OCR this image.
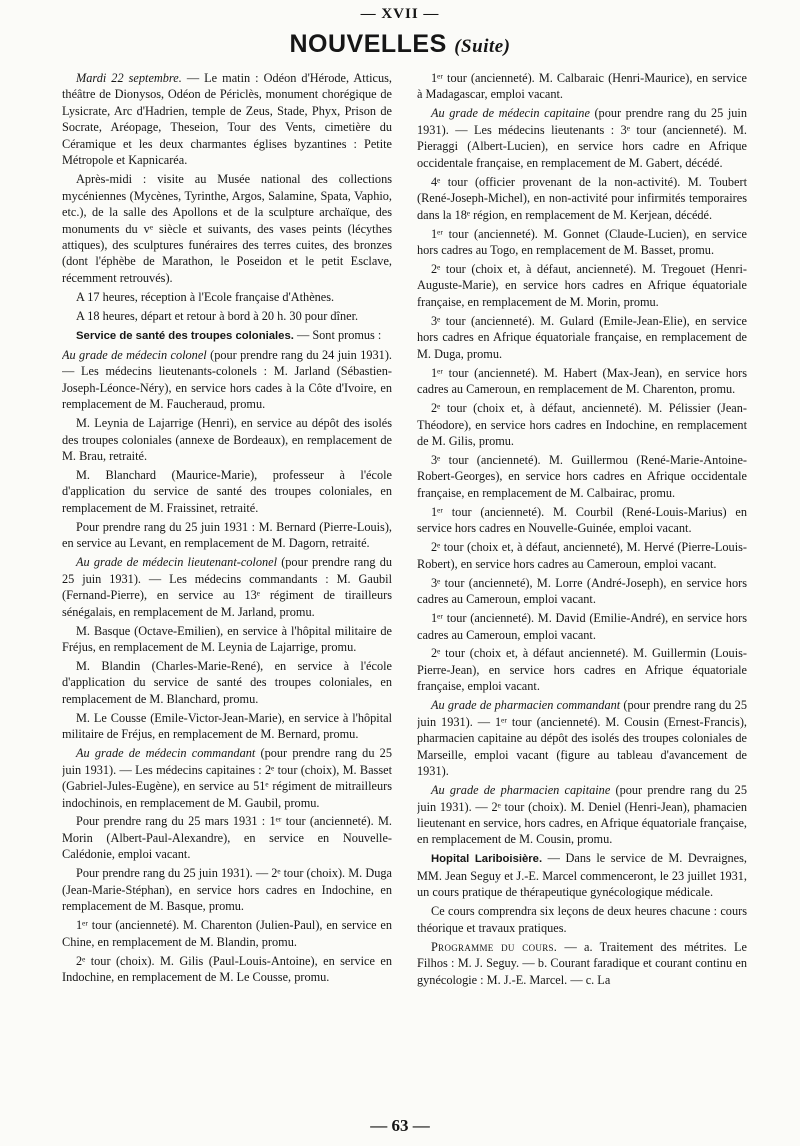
— XVII —
NOUVELLES (Suite)

Mardi 22 septembre. — Le matin : Odéon d'Hérode, Atticus, théâtre de Dionysos, Odéon de Périclès, monument chorégique de Lysicrate, Arc d'Hadrien, temple de Zeus, Stade, Phyx, Prison de Socrate, Aréopage, Theseion, Tour des Vents, cimetière du Céramique et les deux charmantes églises byzantines : Petite Métropole et Kapnicaréa.

Après-midi : visite au Musée national des collections mycéniennes (Mycènes, Tyrinthe, Argos, Salamine, Spata, Vaphio, etc.), de la salle des Apollons et de la sculpture archaïque, des monuments du vᵉ siècle et suivants, des vases peints (lécythes attiques), des sculptures funéraires des terres cuites, des bronzes (dont l'éphèbe de Marathon, le Poseidon et le petit Esclave, récemment retrouvés).

A 17 heures, réception à l'Ecole française d'Athènes.

A 18 heures, départ et retour à bord à 20 h. 30 pour dîner.

Service de santé des troupes coloniales. — Sont promus :

Au grade de médecin colonel (pour prendre rang du 24 juin 1931). — Les médecins lieutenants-colonels : M. Jarland (Sébastien-Joseph-Léonce-Néry), en service hors cades à la Côte d'Ivoire, en remplacement de M. Faucheraud, promu.

M. Leynia de Lajarrige (Henri), en service au dépôt des isolés des troupes coloniales (annexe de Bordeaux), en remplacement de M. Brau, retraité.

M. Blanchard (Maurice-Marie), professeur à l'école d'application du service de santé des troupes coloniales, en remplacement de M. Fraissinet, retraité.

Pour prendre rang du 25 juin 1931 : M. Bernard (Pierre-Louis), en service au Levant, en remplacement de M. Dagorn, retraité.

Au grade de médecin lieutenant-colonel (pour prendre rang du 25 juin 1931). — Les médecins commandants : M. Gaubil (Fernand-Pierre), en service au 13ᵉ régiment de tirailleurs sénégalais, en remplacement de M. Jarland, promu.

M. Basque (Octave-Emilien), en service à l'hôpital militaire de Fréjus, en remplacement de M. Leynia de Lajarrige, promu.

M. Blandin (Charles-Marie-René), en service à l'école d'application du service de santé des troupes coloniales, en remplacement de M. Blanchard, promu.

M. Le Cousse (Emile-Victor-Jean-Marie), en service à l'hôpital militaire de Fréjus, en remplacement de M. Bernard, promu.

Au grade de médecin commandant (pour prendre rang du 25 juin 1931). — Les médecins capitaines : 2ᵉ tour (choix), M. Basset (Gabriel-Jules-Eugène), en service au 51ᵉ régiment de mitrailleurs indochinois, en remplacement de M. Gaubil, promu.

Pour prendre rang du 25 mars 1931 : 1ᵉʳ tour (ancienneté). M. Morin (Albert-Paul-Alexandre), en service en Nouvelle-Calédonie, emploi vacant.

Pour prendre rang du 25 juin 1931). — 2ᵉ tour (choix). M. Duga (Jean-Marie-Stéphan), en service hors cadres en Indochine, en remplacement de M. Basque, promu.

1ᵉʳ tour (ancienneté). M. Charenton (Julien-Paul), en service en Chine, en remplacement de M. Blandin, promu.

2ᵉ tour (choix). M. Gilis (Paul-Louis-Antoine), en service en Indochine, en remplacement de M. Le Cousse, promu.

1ᵉʳ tour (ancienneté). M. Calbaraic (Henri-Maurice), en service à Madagascar, emploi vacant.

Au grade de médecin capitaine (pour prendre rang du 25 juin 1931). — Les médecins lieutenants : 3ᵉ tour (ancienneté). M. Pieraggi (Albert-Lucien), en service hors cadre en Afrique occidentale française, en remplacement de M. Gabert, décédé.

4ᵉ tour (officier provenant de la non-activité). M. Toubert (René-Joseph-Michel), en non-activité pour infirmités temporaires dans la 18ᵉ région, en remplacement de M. Kerjean, décédé.

1ᵉʳ tour (ancienneté). M. Gonnet (Claude-Lucien), en service hors cadres au Togo, en remplacement de M. Basset, promu.

2ᵉ tour (choix et, à défaut, ancienneté). M. Tregouet (Henri-Auguste-Marie), en service hors cadres en Afrique équatoriale française, en remplacement de M. Morin, promu.

3ᵉ tour (ancienneté). M. Gulard (Emile-Jean-Elie), en service hors cadres en Afrique équatoriale française, en remplacement de M. Duga, promu.

1ᵉʳ tour (ancienneté). M. Habert (Max-Jean), en service hors cadres au Cameroun, en remplacement de M. Charenton, promu.

2ᵉ tour (choix et, à défaut, ancienneté). M. Pélissier (Jean-Théodore), en service hors cadres en Indochine, en remplacement de M. Gilis, promu.

3ᵉ tour (ancienneté). M. Guillermou (René-Marie-Antoine-Robert-Georges), en service hors cadres en Afrique occidentale française, en remplacement de M. Calbairac, promu.

1ᵉʳ tour (ancienneté). M. Courbil (René-Louis-Marius) en service hors cadres en Nouvelle-Guinée, emploi vacant.

2ᵉ tour (choix et, à défaut, ancienneté), M. Hervé (Pierre-Louis-Robert), en service hors cadres au Cameroun, emploi vacant.

3ᵉ tour (ancienneté), M. Lorre (André-Joseph), en service hors cadres au Cameroun, emploi vacant.

1ᵉʳ tour (ancienneté). M. David (Emilie-André), en service hors cadres au Cameroun, emploi vacant.

2ᵉ tour (choix et, à défaut ancienneté). M. Guillermin (Louis-Pierre-Jean), en service hors cadres en Afrique équatoriale française, emploi vacant.

Au grade de pharmacien commandant (pour prendre rang du 25 juin 1931). — 1ᵉʳ tour (ancienneté). M. Cousin (Ernest-Francis), pharmacien capitaine au dépôt des isolés des troupes coloniales de Marseille, emploi vacant (figure au tableau d'avancement de 1931).

Au grade de pharmacien capitaine (pour prendre rang du 25 juin 1931). — 2ᵉ tour (choix). M. Deniel (Henri-Jean), phamacien lieutenant en service, hors cadres, en Afrique équatoriale française, en remplacement de M. Cousin, promu.

Hopital Lariboisière. — Dans le service de M. Devraignes, MM. Jean Seguy et J.-E. Marcel commenceront, le 23 juillet 1931, un cours pratique de thérapeutique gynécologique médicale.

Ce cours comprendra six leçons de deux heures chacune : cours théorique et travaux pratiques.

Programme du cours. — a. Traitement des métrites. Le Filhos : M. J. Seguy. — b. Courant faradique et courant continu en gynécologie : M. J.-E. Marcel. — c. La

— 63 —
